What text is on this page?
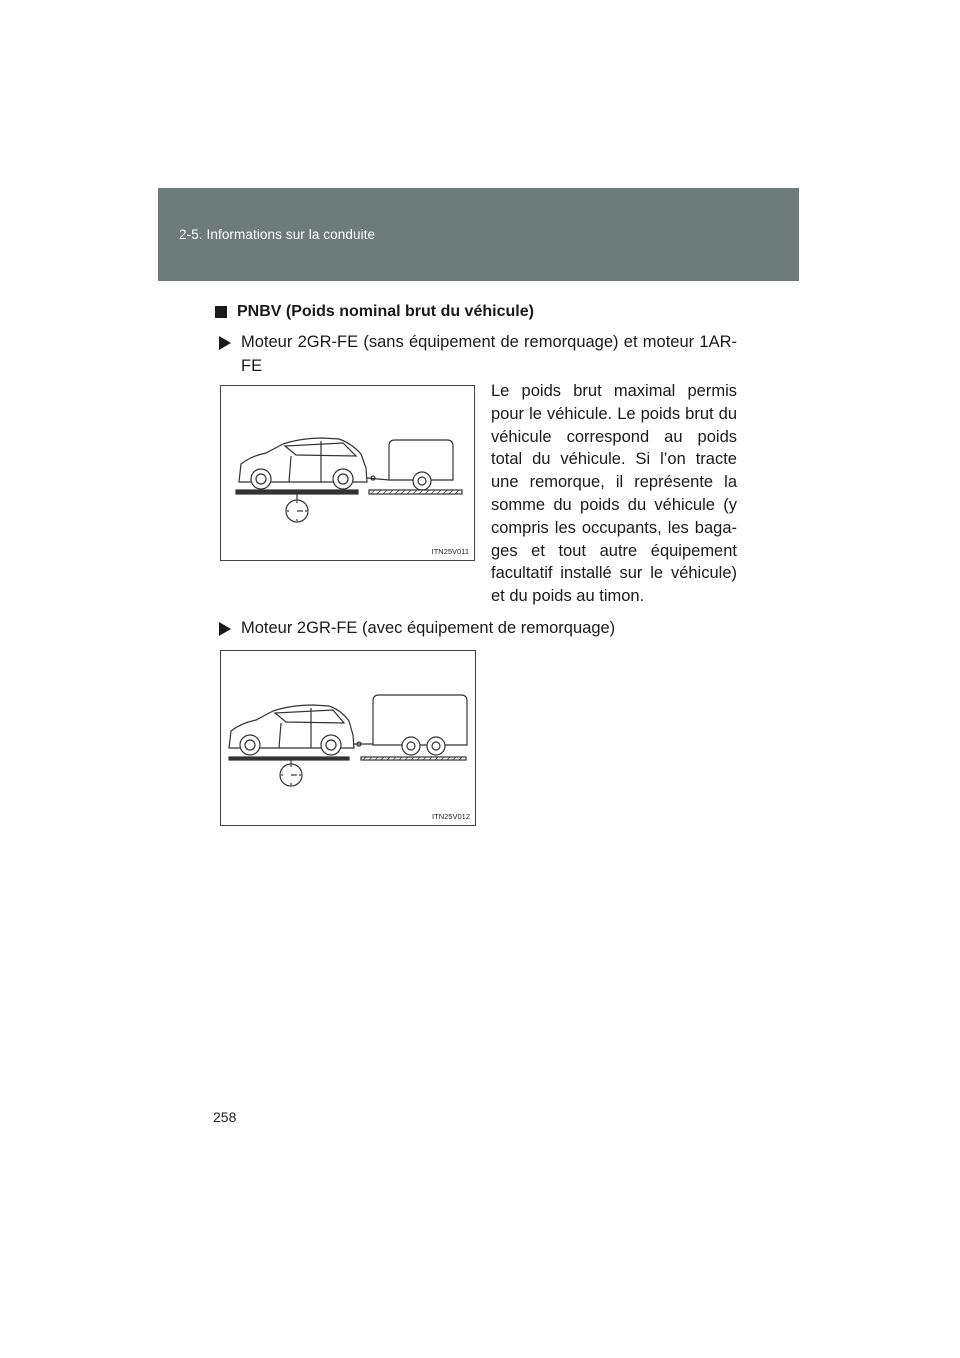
2-5. Informations sur la conduite
PNBV (Poids nominal brut du véhicule)
Moteur 2GR-FE (sans équipement de remorquage) et moteur 1AR-FE
ITN25V011
Le poids brut maximal permis pour le véhicule. Le poids brut du véhicule correspond au poids total du véhicule. Si l’on tracte une remorque, il représente la somme du poids du véhicule (y compris les occupants, les baga-ges et tout autre équipement facultatif installé sur le véhicule) et du poids au timon.
Moteur 2GR-FE (avec équipement de remorquage)
ITN25V012
258
